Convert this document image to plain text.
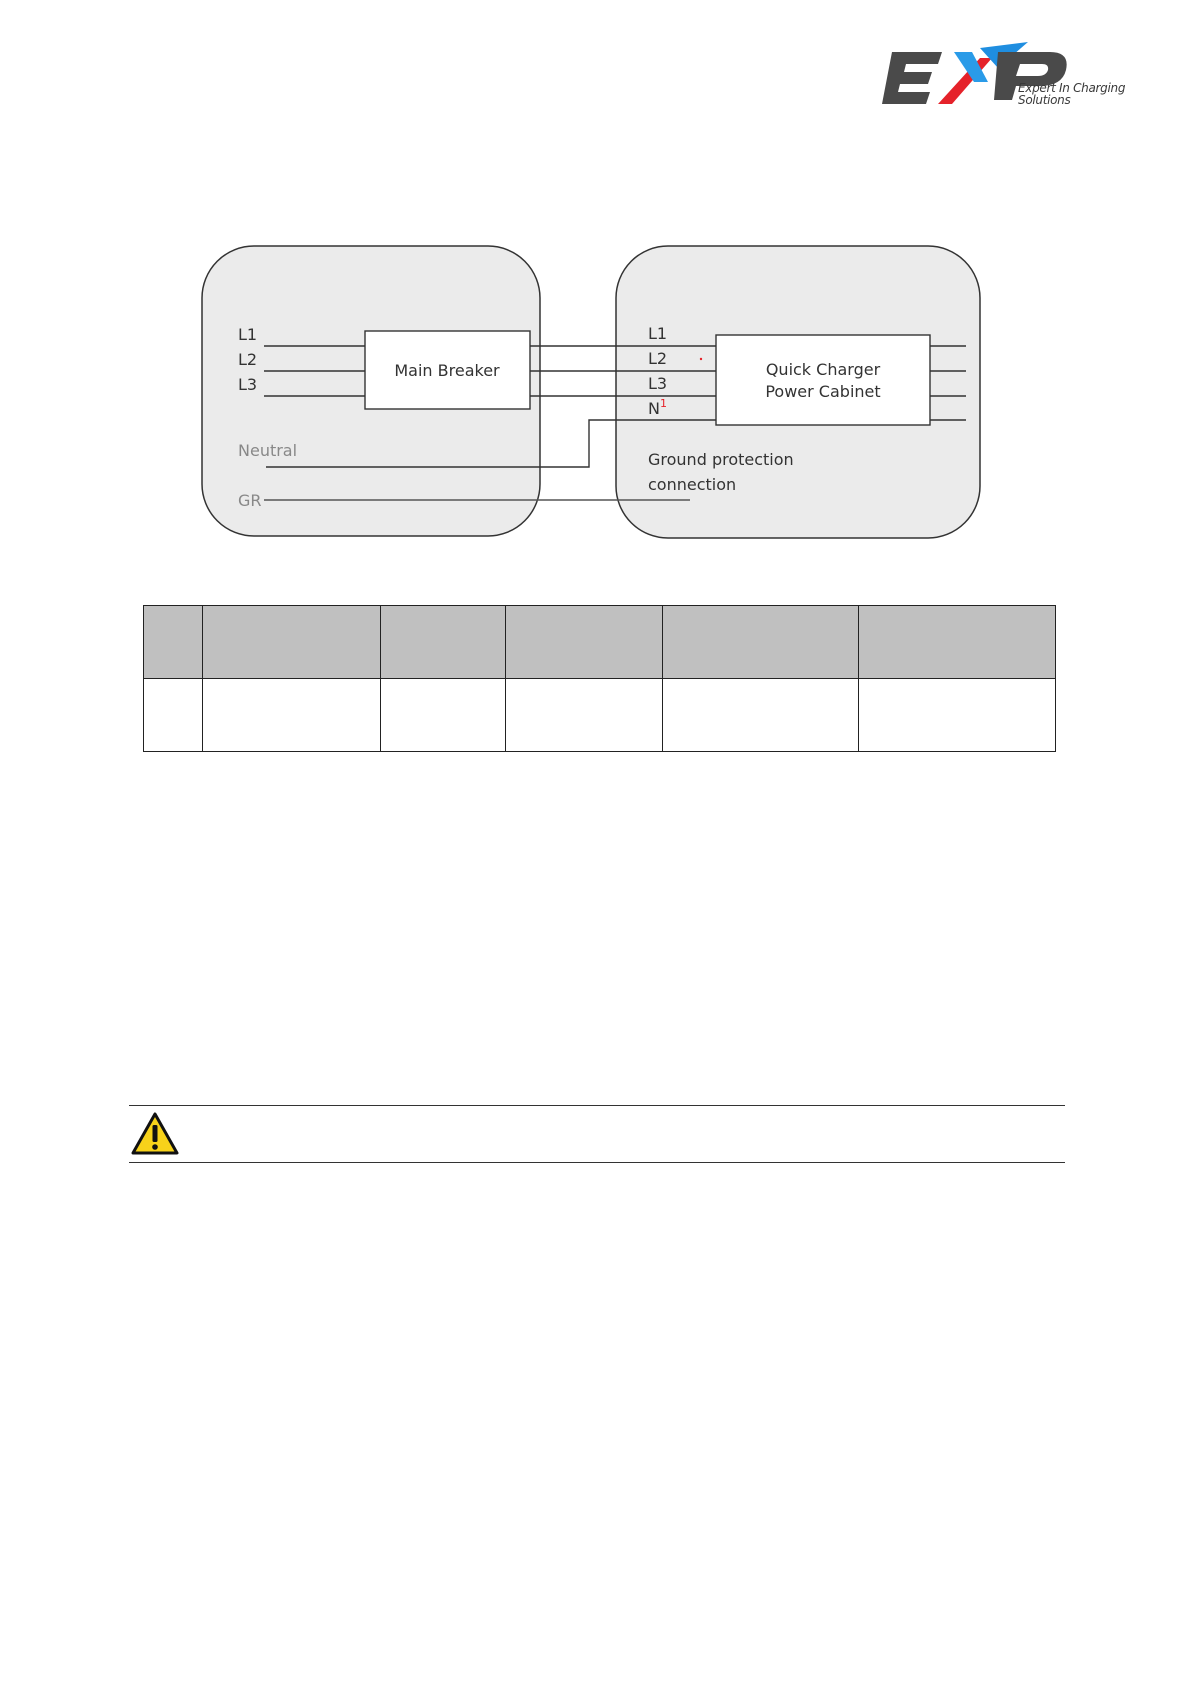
Expert In Charging
Solutions
L1
L2
L3
Main Breaker
L1
L2
L3
$N^1$
Neutral
GR
Quick Charger
Power Cabinet
Ground protection
connection
